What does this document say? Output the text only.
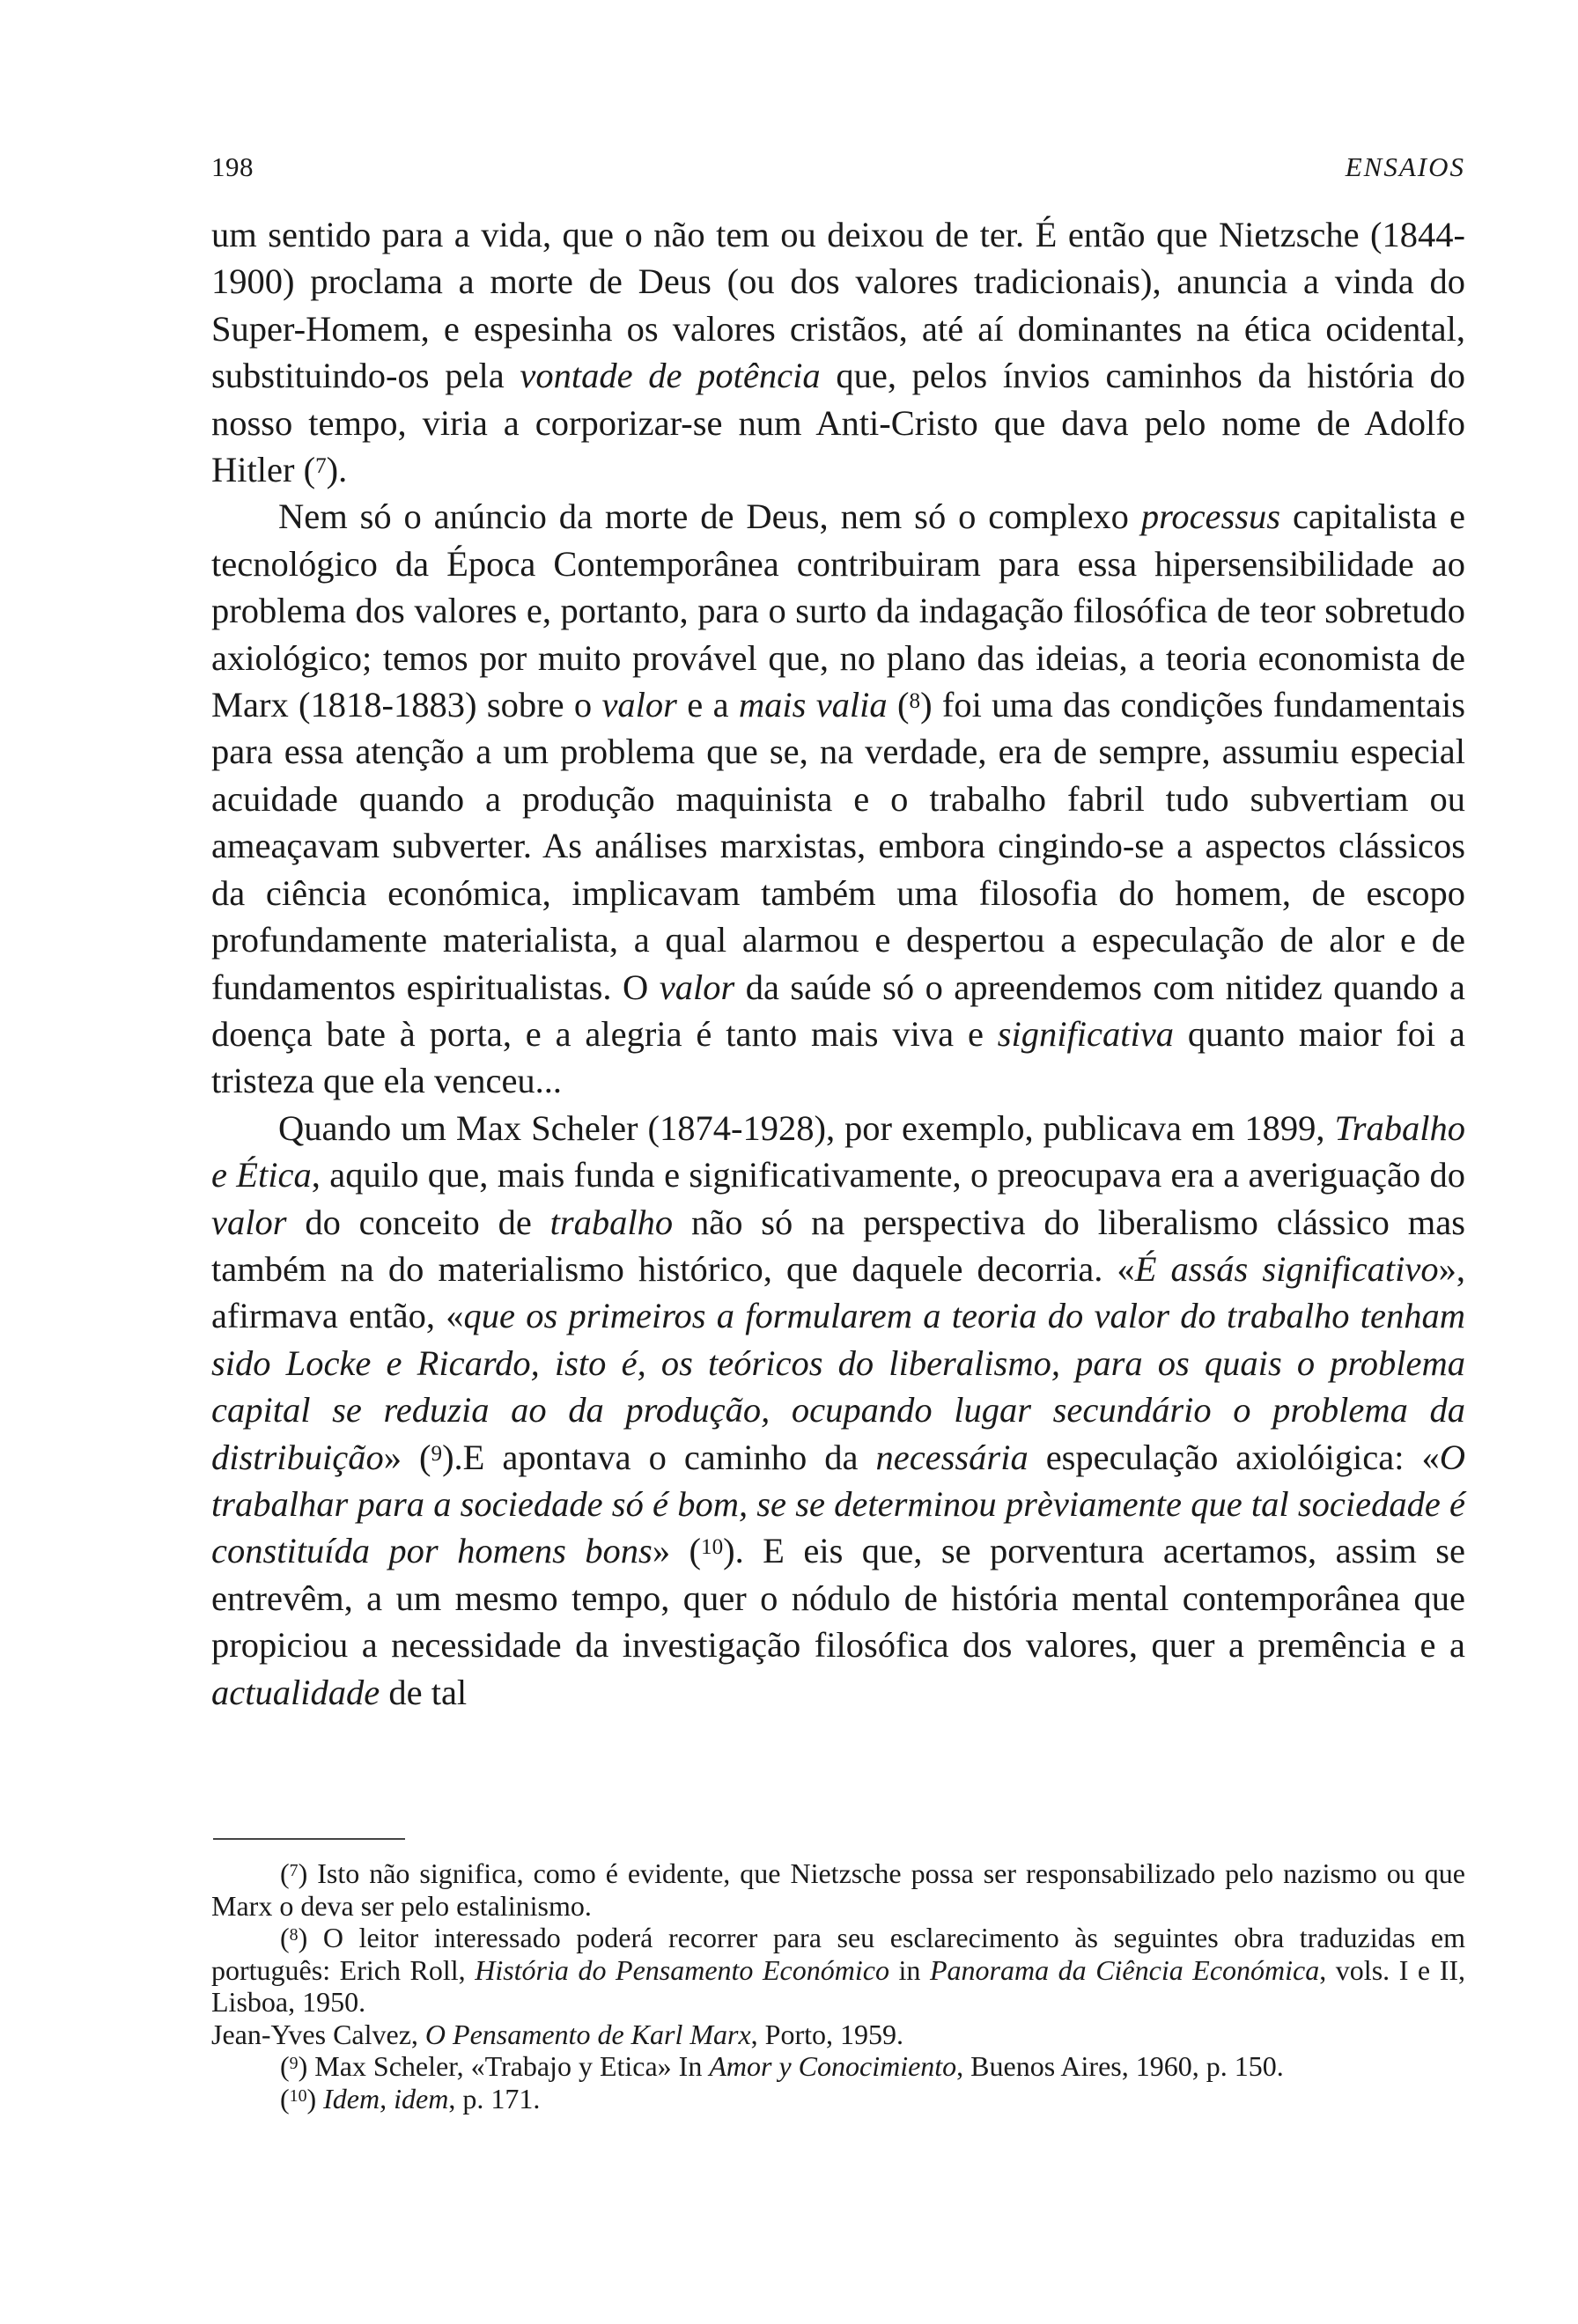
198	ENSAIOS

um sentido para a vida, que o não tem ou deixou de ter. É então que Nietzsche (1844-1900) proclama a morte de Deus (ou dos valores tradicionais), anuncia a vinda do Super-Homem, e espesinha os valores cristãos, até aí dominantes na ética ocidental, substituindo-os pela vontade de potência que, pelos ínvios caminhos da história do nosso tempo, viria a corporizar-se num Anti-Cristo que dava pelo nome de Adolfo Hitler ($^7$).

Nem só o anúncio da morte de Deus, nem só o complexo processus capitalista e tecnológico da Época Contemporânea contribuiram para essa hipersensibilidade ao problema dos valores e, portanto, para o surto da indagação filosófica de teor sobretudo axiológico; temos por muito provável que, no plano das ideias, a teoria economista de Marx (1818-1883) sobre o valor e a mais valia ($^8$) foi uma das condições fundamentais para essa atenção a um problema que se, na verdade, era de sempre, assumiu especial acuidade quando a produção maquinista e o trabalho fabril tudo subvertiam ou ameaçavam subverter. As análises marxistas, embora cingindo-se a aspectos clássicos da ciência económica, implicavam também uma filosofia do homem, de escopo profundamente materialista, a qual alarmou e despertou a especulação de alor e de fundamentos espiritualistas. O valor da saúde só o apreendemos com nitidez quando a doença bate à porta, e a alegria é tanto mais viva e significativa quanto maior foi a tristeza que ela venceu...

Quando um Max Scheler (1874-1928), por exemplo, publicava em 1899, Trabalho e Ética, aquilo que, mais funda e significativamente, o preocupava era a averiguação do valor do conceito de trabalho não só na perspectiva do liberalismo clássico mas também na do materialismo histórico, que daquele decorria. «É assás significativo», afirmava então, «que os primeiros a formularem a teoria do valor do trabalho tenham sido Locke e Ricardo, isto é, os teóricos do liberalismo, para os quais o problema capital se reduzia ao da produção, ocupando lugar secundário o problema da distribuição» ($^9$).E apontava o caminho da necessária especulação axiolóigica: «O trabalhar para a sociedade só é bom, se se determinou prèviamente que tal sociedade é constituída por homens bons» ($^{10}$). E eis que, se porventura acertamos, assim se entrevêm, a um mesmo tempo, quer o nódulo de história mental contemporânea que propiciou a necessidade da investigação filosófica dos valores, quer a premência e a actualidade de tal

($^7$) Isto não significa, como é evidente, que Nietzsche possa ser responsabilizado pelo nazismo ou que Marx o deva ser pelo estalinismo.

($^8$) O leitor interessado poderá recorrer para seu esclarecimento às seguintes obra traduzidas em português: Erich Roll, História do Pensamento Económico in Panorama da Ciência Económica, vols. I e II, Lisboa, 1950.

Jean-Yves Calvez, O Pensamento de Karl Marx, Porto, 1959.

($^9$) Max Scheler, «Trabajo y Etica» In Amor y Conocimiento, Buenos Aires, 1960, p. 150.

($^{10}$) Idem, idem, p. 171.
